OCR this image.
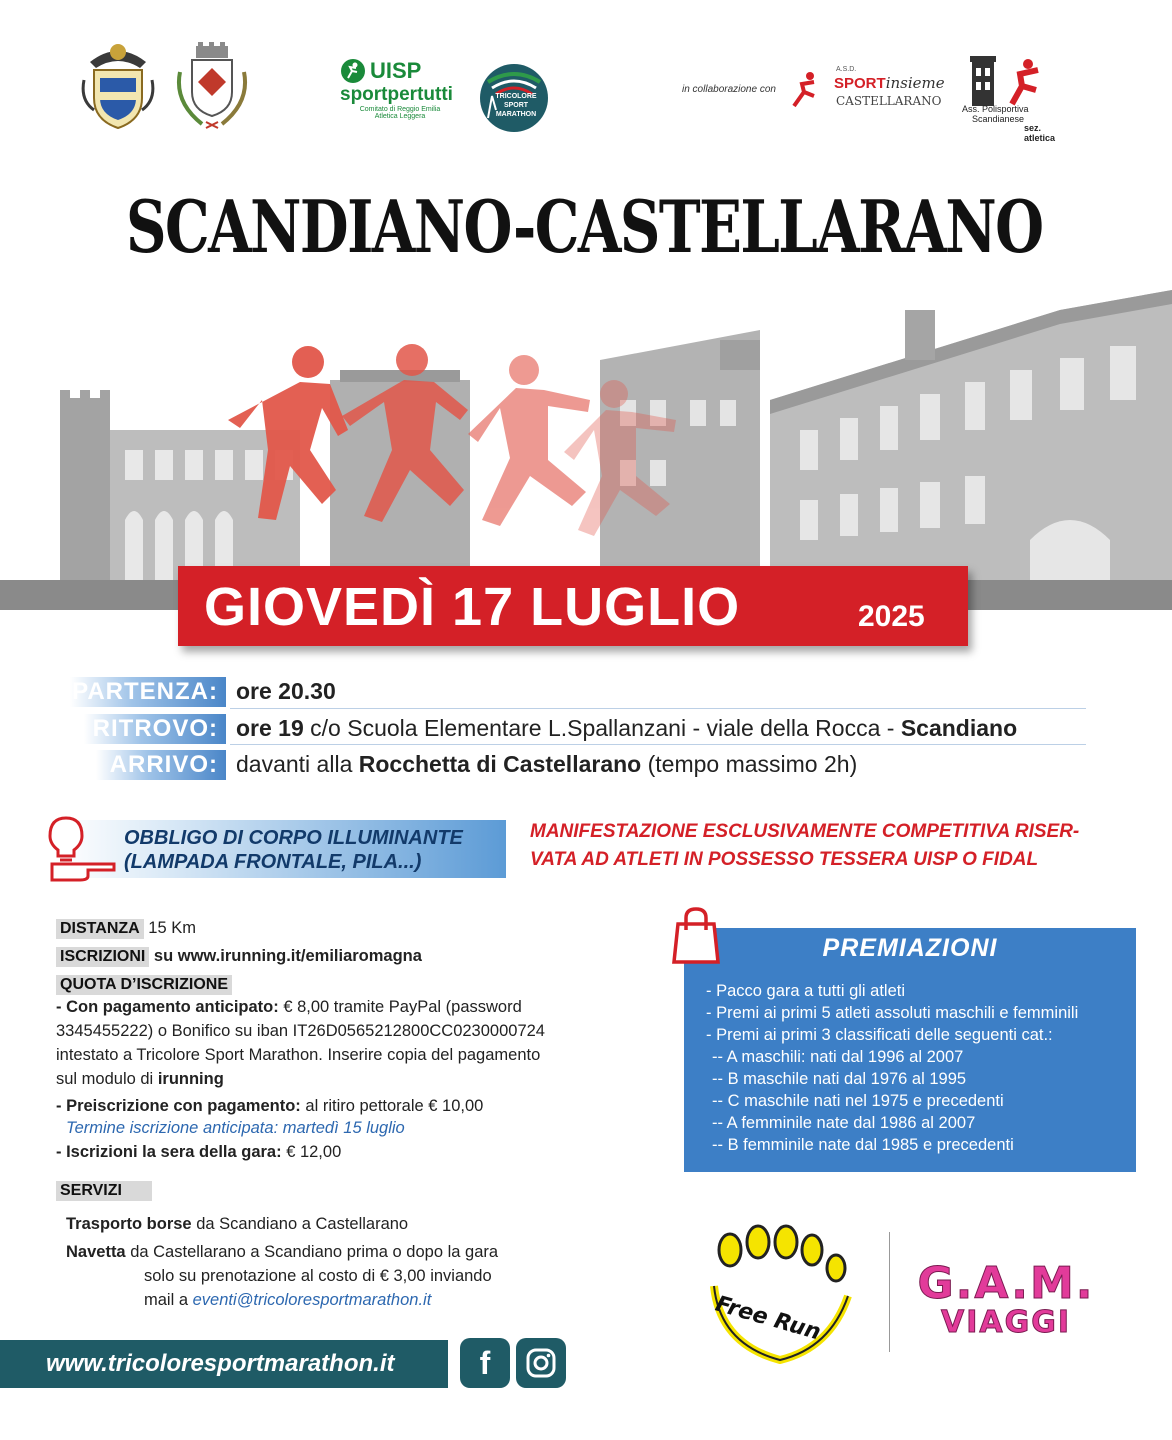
UISP
sportpertutti
Comitato di Reggio Emilia
Atletica Leggera
TRICOLORE SPORT MARATHON
in collaborazione con
A.S.D.
SPORTinsieme
CASTELLARANO
Ass. Polisportiva
Scandianese
sez. atletica
SCANDIANO-CASTELLARANO
GIOVEDÌ 17 LUGLIO	2025
PARTENZA: ore 20.30
RITROVO: ore 19 c/o Scuola Elementare L.Spallanzani - viale della Rocca - Scandiano
ARRIVO: davanti alla Rocchetta di Castellarano (tempo massimo 2h)
OBBLIGO DI CORPO ILLUMINANTE
(LAMPADA FRONTALE, PILA...)
MANIFESTAZIONE ESCLUSIVAMENTE COMPETITIVA RISER-
VATA AD ATLETI IN POSSESSO TESSERA UISP O FIDAL
DISTANZA 15 Km
ISCRIZIONI su www.irunning.it/emiliaromagna
QUOTA D’ISCRIZIONE
- Con pagamento anticipato: € 8,00 tramite PayPal (password
3345455222) o Bonifico su iban IT26D0565212800CC0230000724
intestato a Tricolore Sport Marathon. Inserire copia del pagamento
sul modulo di irunning
- Preiscrizione con pagamento: al ritiro pettorale € 10,00
Termine iscrizione anticipata: martedì 15 luglio
- Iscrizioni la sera della gara: € 12,00
SERVIZI
Trasporto borse da Scandiano a Castellarano
Navetta da Castellarano a Scandiano prima o dopo la gara
solo su prenotazione al costo di € 3,00 inviando
mail a eventi@tricoloresportmarathon.it
PREMIAZIONI
- Pacco gara a tutti gli atleti
- Premi ai primi 5 atleti assoluti maschili e femminili
- Premi ai primi 3 classificati delle seguenti cat.:
-- A maschili: nati dal 1996 al 2007
-- B maschile nati dal 1976 al 1995
-- C maschile nati nel 1975 e precedenti
-- A femminile nate dal 1986 al 2007
-- B femminile nate dal 1985 e precedenti
Free Run
G.A.M.
VIAGGI
www.tricoloresportmarathon.it	f
